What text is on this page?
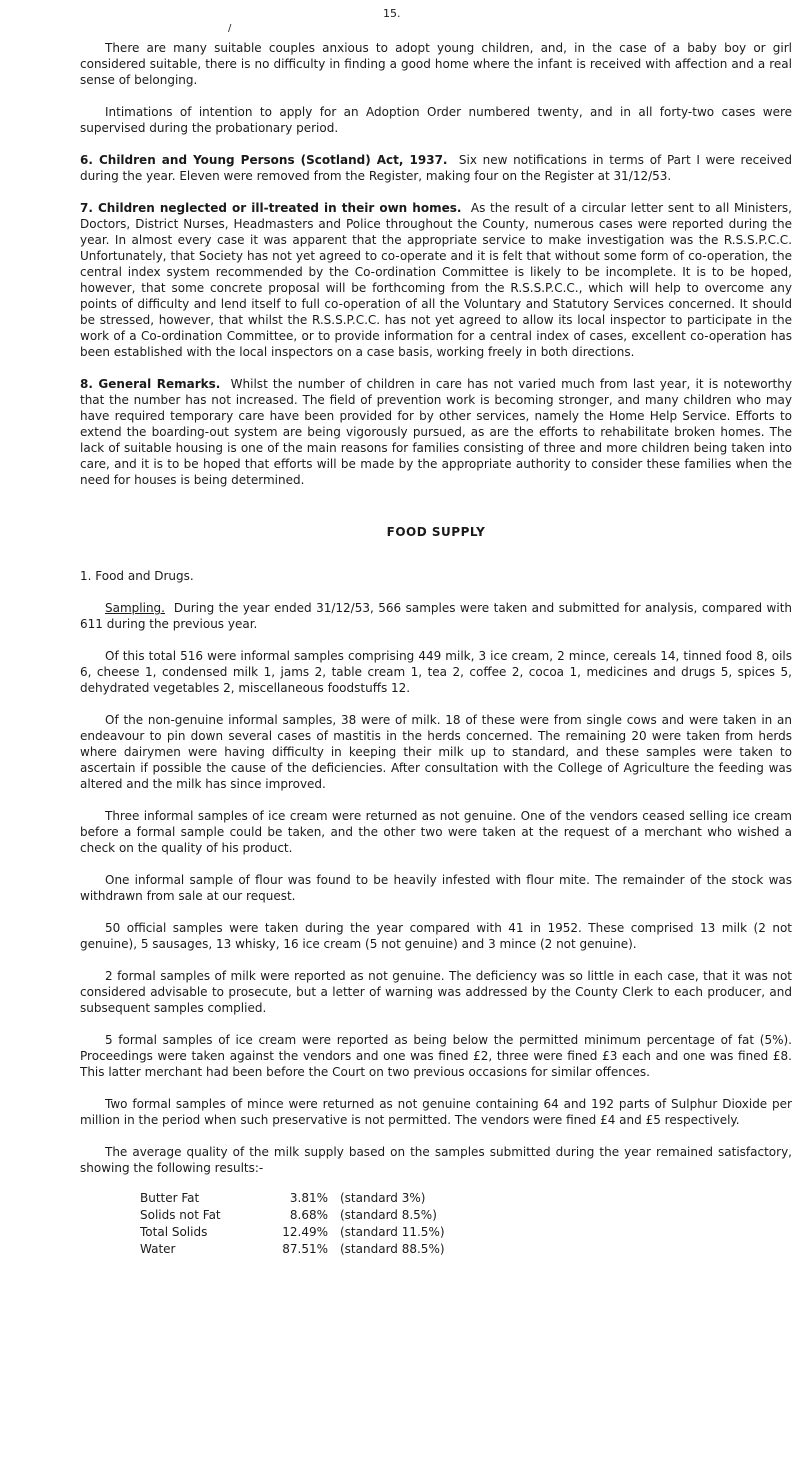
15.
/

There are many suitable couples anxious to adopt young children, and, in the case of a baby boy or girl considered suitable, there is no difficulty in finding a good home where the infant is received with affection and a real sense of belonging.

Intimations of intention to apply for an Adoption Order numbered twenty, and in all forty-two cases were supervised during the probationary period.

6. Children and Young Persons (Scotland) Act, 1937. Six new notifications in terms of Part I were received during the year. Eleven were removed from the Register, making four on the Register at 31/12/53.

7. Children neglected or ill-treated in their own homes. As the result of a circular letter sent to all Ministers, Doctors, District Nurses, Headmasters and Police throughout the County, numerous cases were reported during the year. In almost every case it was apparent that the appropriate service to make investigation was the R.S.S.P.C.C. Unfortunately, that Society has not yet agreed to co-operate and it is felt that without some form of co-operation, the central index system recommended by the Co-ordination Committee is likely to be incomplete. It is to be hoped, however, that some concrete proposal will be forthcoming from the R.S.S.P.C.C., which will help to overcome any points of difficulty and lend itself to full co-operation of all the Voluntary and Statutory Services concerned. It should be stressed, however, that whilst the R.S.S.P.C.C. has not yet agreed to allow its local inspector to participate in the work of a Co-ordination Committee, or to provide information for a central index of cases, excellent co-operation has been established with the local inspectors on a case basis, working freely in both directions.

8. General Remarks. Whilst the number of children in care has not varied much from last year, it is noteworthy that the number has not increased. The field of prevention work is becoming stronger, and many children who may have required temporary care have been provided for by other services, namely the Home Help Service. Efforts to extend the boarding-out system are being vigorously pursued, as are the efforts to rehabilitate broken homes. The lack of suitable housing is one of the main reasons for families consisting of three and more children being taken into care, and it is to be hoped that efforts will be made by the appropriate authority to consider these families when the need for houses is being determined.

FOOD SUPPLY

1. Food and Drugs.

Sampling. During the year ended 31/12/53, 566 samples were taken and submitted for analysis, compared with 611 during the previous year.

Of this total 516 were informal samples comprising 449 milk, 3 ice cream, 2 mince, cereals 14, tinned food 8, oils 6, cheese 1, condensed milk 1, jams 2, table cream 1, tea 2, coffee 2, cocoa 1, medicines and drugs 5, spices 5, dehydrated vegetables 2, miscellaneous foodstuffs 12.

Of the non-genuine informal samples, 38 were of milk. 18 of these were from single cows and were taken in an endeavour to pin down several cases of mastitis in the herds concerned. The remaining 20 were taken from herds where dairymen were having difficulty in keeping their milk up to standard, and these samples were taken to ascertain if possible the cause of the deficiencies. After consultation with the College of Agriculture the feeding was altered and the milk has since improved.

Three informal samples of ice cream were returned as not genuine. One of the vendors ceased selling ice cream before a formal sample could be taken, and the other two were taken at the request of a merchant who wished a check on the quality of his product.

One informal sample of flour was found to be heavily infested with flour mite. The remainder of the stock was withdrawn from sale at our request.

50 official samples were taken during the year compared with 41 in 1952. These comprised 13 milk (2 not genuine), 5 sausages, 13 whisky, 16 ice cream (5 not genuine) and 3 mince (2 not genuine).

2 formal samples of milk were reported as not genuine. The deficiency was so little in each case, that it was not considered advisable to prosecute, but a letter of warning was addressed by the County Clerk to each producer, and subsequent samples complied.

5 formal samples of ice cream were reported as being below the permitted minimum percentage of fat (5%). Proceedings were taken against the vendors and one was fined £2, three were fined £3 each and one was fined £8. This latter merchant had been before the Court on two previous occasions for similar offences.

Two formal samples of mince were returned as not genuine containing 64 and 192 parts of Sulphur Dioxide per million in the period when such preservative is not permitted. The vendors were fined £4 and £5 respectively.

The average quality of the milk supply based on the samples submitted during the year remained satisfactory, showing the following results:-

Butter Fat	3.81%	(standard 3%)
Solids not Fat	8.68%	(standard 8.5%)
Total Solids	12.49%	(standard 11.5%)
Water	87.51%	(standard 88.5%)
